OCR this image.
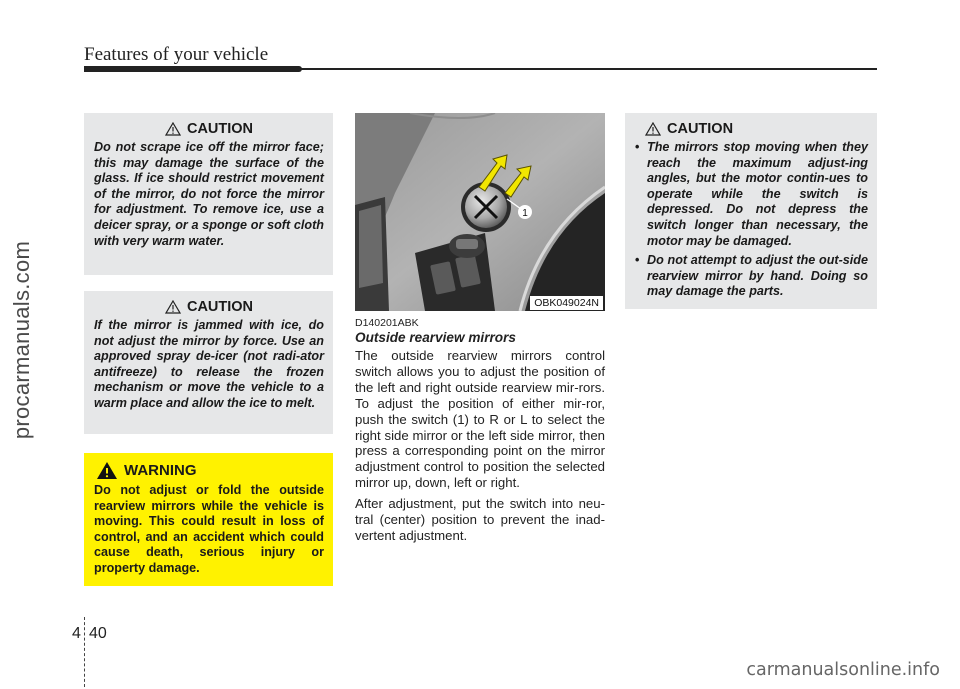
Features of your vehicle
procarmanuals.com
CAUTION
Do not scrape ice off the mirror face; this may damage the surface of the glass. If ice should restrict movement of the mirror, do not force the mirror for adjustment. To remove ice, use a deicer spray, or a sponge or soft cloth with very warm water.
CAUTION
If the mirror is jammed with ice, do not adjust the mirror by force. Use an approved spray de-icer (not radi-ator antifreeze) to release the frozen mechanism or move the vehicle to a warm place and allow the ice to melt.
WARNING
Do not adjust or fold the outside rearview mirrors while the vehicle is moving. This could result in loss of control, and an accident which could cause death, serious injury or property damage.
1
OBK049024N
D140201ABK
Outside rearview mirrors

The outside rearview mirrors control switch allows you to adjust the position of the left and right outside rearview mir-rors. To adjust the position of either mir-ror, push the switch (1) to R or L to select the right side mirror or the left side mirror, then press a corresponding point on the mirror adjustment control to position the selected mirror up, down, left or right.

After adjustment, put the switch into neu-tral (center) position to prevent the inad-vertent adjustment.

CAUTION
• The mirrors stop moving when they reach the maximum adjust-ing angles, but the motor contin-ues to operate while the switch is depressed. Do not depress the switch longer than necessary, the motor may be damaged.
• Do not attempt to adjust the out-side rearview mirror by hand. Doing so may damage the parts.
4 40
carmanualsonline.info
